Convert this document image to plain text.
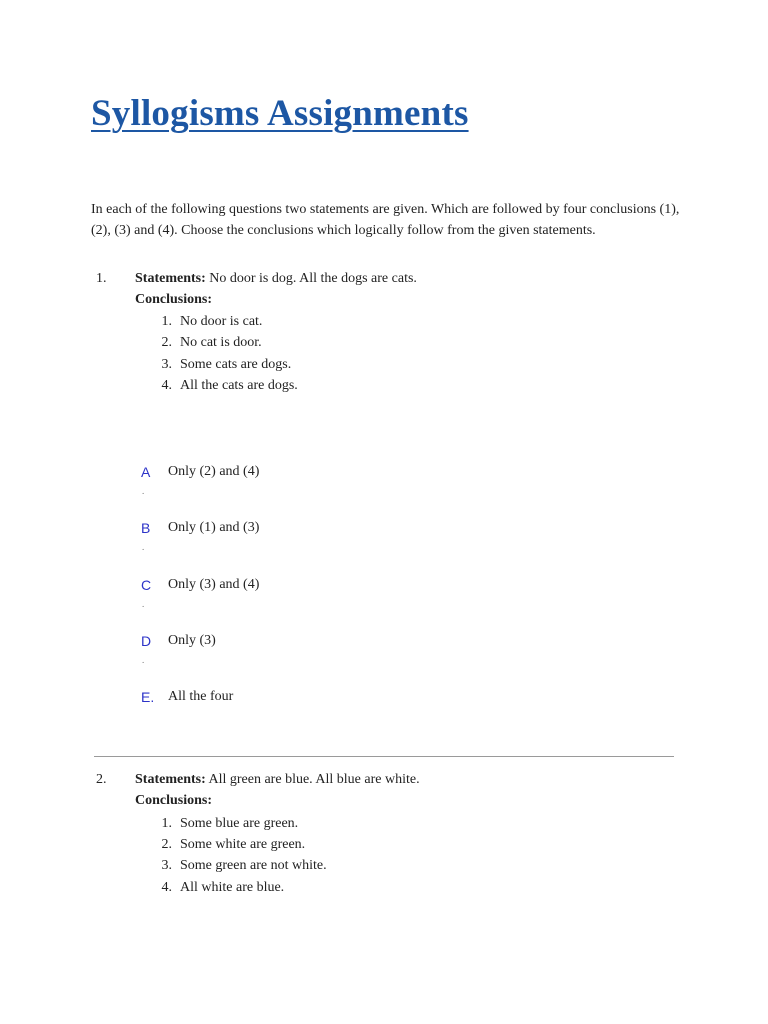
Syllogisms Assignments

In each of the following questions two statements are given. Which are followed by four conclusions (1), (2), (3) and (4). Choose the conclusions which logically follow from the given statements.

1. Statements: No door is dog. All the dogs are cats.
Conclusions:
1. No door is cat.
2. No cat is door.
3. Some cats are dogs.
4. All the cats are dogs.
A Only (2) and (4)
.
B Only (1) and (3)
.
C Only (3) and (4)
.
D Only (3)
.
E. All the four
2. Statements: All green are blue. All blue are white.
Conclusions:
1. Some blue are green.
2. Some white are green.
3. Some green are not white.
4. All white are blue.
